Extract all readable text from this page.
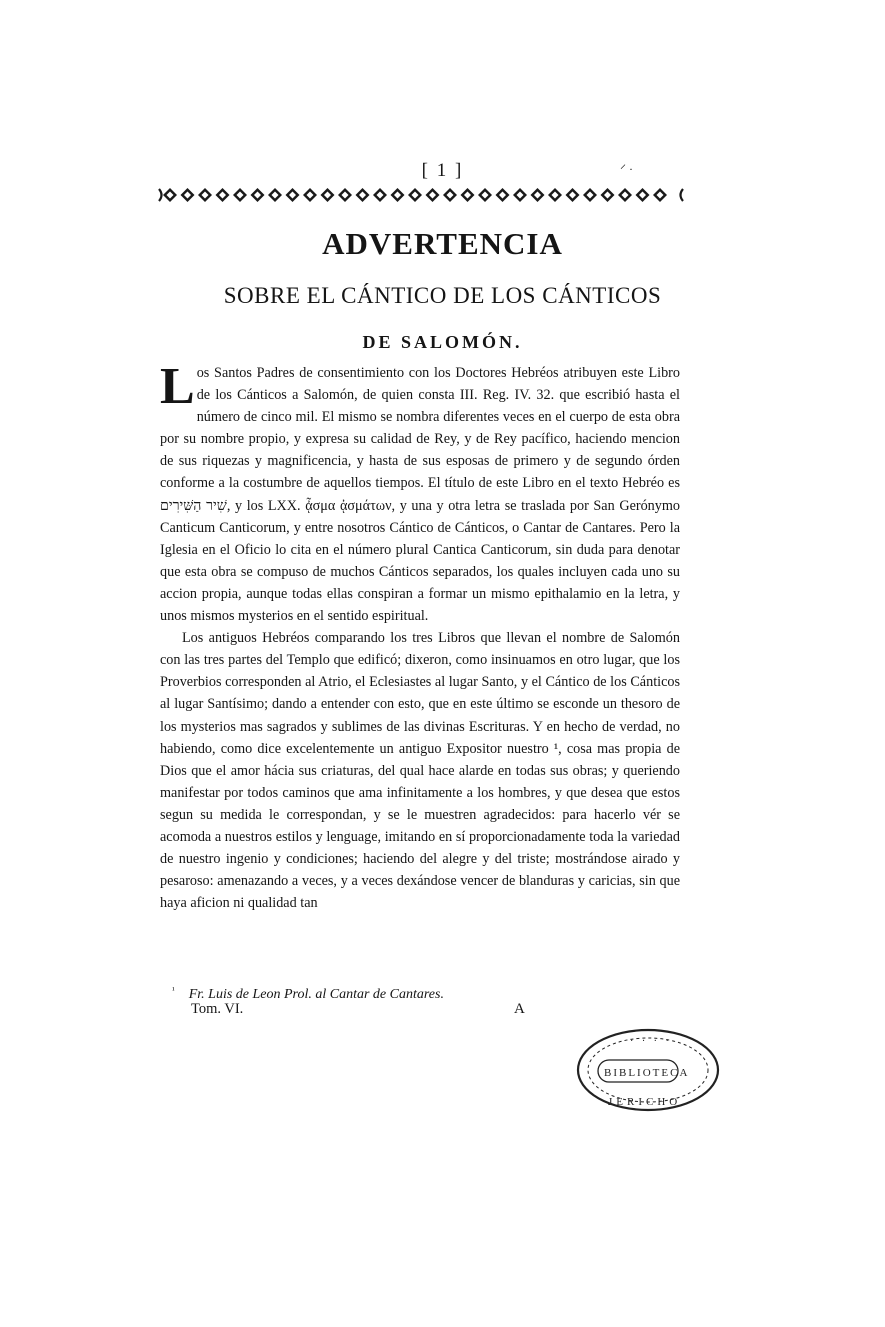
[ 1 ]	⸍ ·
ADVERTENCIA
SOBRE EL CÁNTICO DE LOS CÁNTICOS
DE SALOMÓN.

Los Santos Padres de consentimiento con los Doctores Hebréos atribuyen este Libro de los Cánticos a Salomón, de quien consta III. Reg. IV. 32. que escribió hasta el número de cinco mil. El mismo se nombra diferentes veces en el cuerpo de esta obra por su nombre propio, y expresa su calidad de Rey, y de Rey pacífico, haciendo mencion de sus riquezas y magnificencia, y hasta de sus esposas de primero y de segundo órden conforme a la costumbre de aquellos tiempos. El título de este Libro en el texto Hebréo es שִׁיר הַשִּׁירִים, y los LXX. ᾆσμα ᾀσμάτων, y una y otra letra se traslada por San Gerónymo Canticum Canticorum, y entre nosotros Cántico de Cánticos, o Cantar de Cantares. Pero la Iglesia en el Oficio lo cita en el número plural Cantica Canticorum, sin duda para denotar que esta obra se compuso de muchos Cánticos separados, los quales incluyen cada uno su accion propia, aunque todas ellas conspiran a formar un mismo epithalamio en la letra, y unos mismos mysterios en el sentido espiritual.

Los antiguos Hebréos comparando los tres Libros que llevan el nombre de Salomón con las tres partes del Templo que edificó; dixeron, como insinuamos en otro lugar, que los Proverbios corresponden al Atrio, el Eclesiastes al lugar Santo, y el Cántico de los Cánticos al lugar Santísimo; dando a entender con esto, que en este último se esconde un thesoro de los mysterios mas sagrados y sublimes de las divinas Escrituras. Y en hecho de verdad, no habiendo, como dice excelentemente un antiguo Expositor nuestro ¹, cosa mas propia de Dios que el amor hácia sus criaturas, del qual hace alarde en todas sus obras; y queriendo manifestar por todos caminos que ama infinitamente a los hombres, y que desea que estos segun su medida le correspondan, y se le muestren agradecidos: para hacerlo vér se acomoda a nuestros estilos y lenguage, imitando en sí proporcionadamente toda la variedad de nuestro ingenio y condiciones; haciendo del alegre y del triste; mostrándose airado y pesaroso: amenazando a veces, y a veces dexándose vencer de blanduras y caricias, sin que haya aficion ni qualidad tan

$^{^1}$ Fr. Luis de Leon Prol. al Cantar de Cantares.
Tom. VI.	A
BIBLIOTECA
JERICHO
· · · ·
